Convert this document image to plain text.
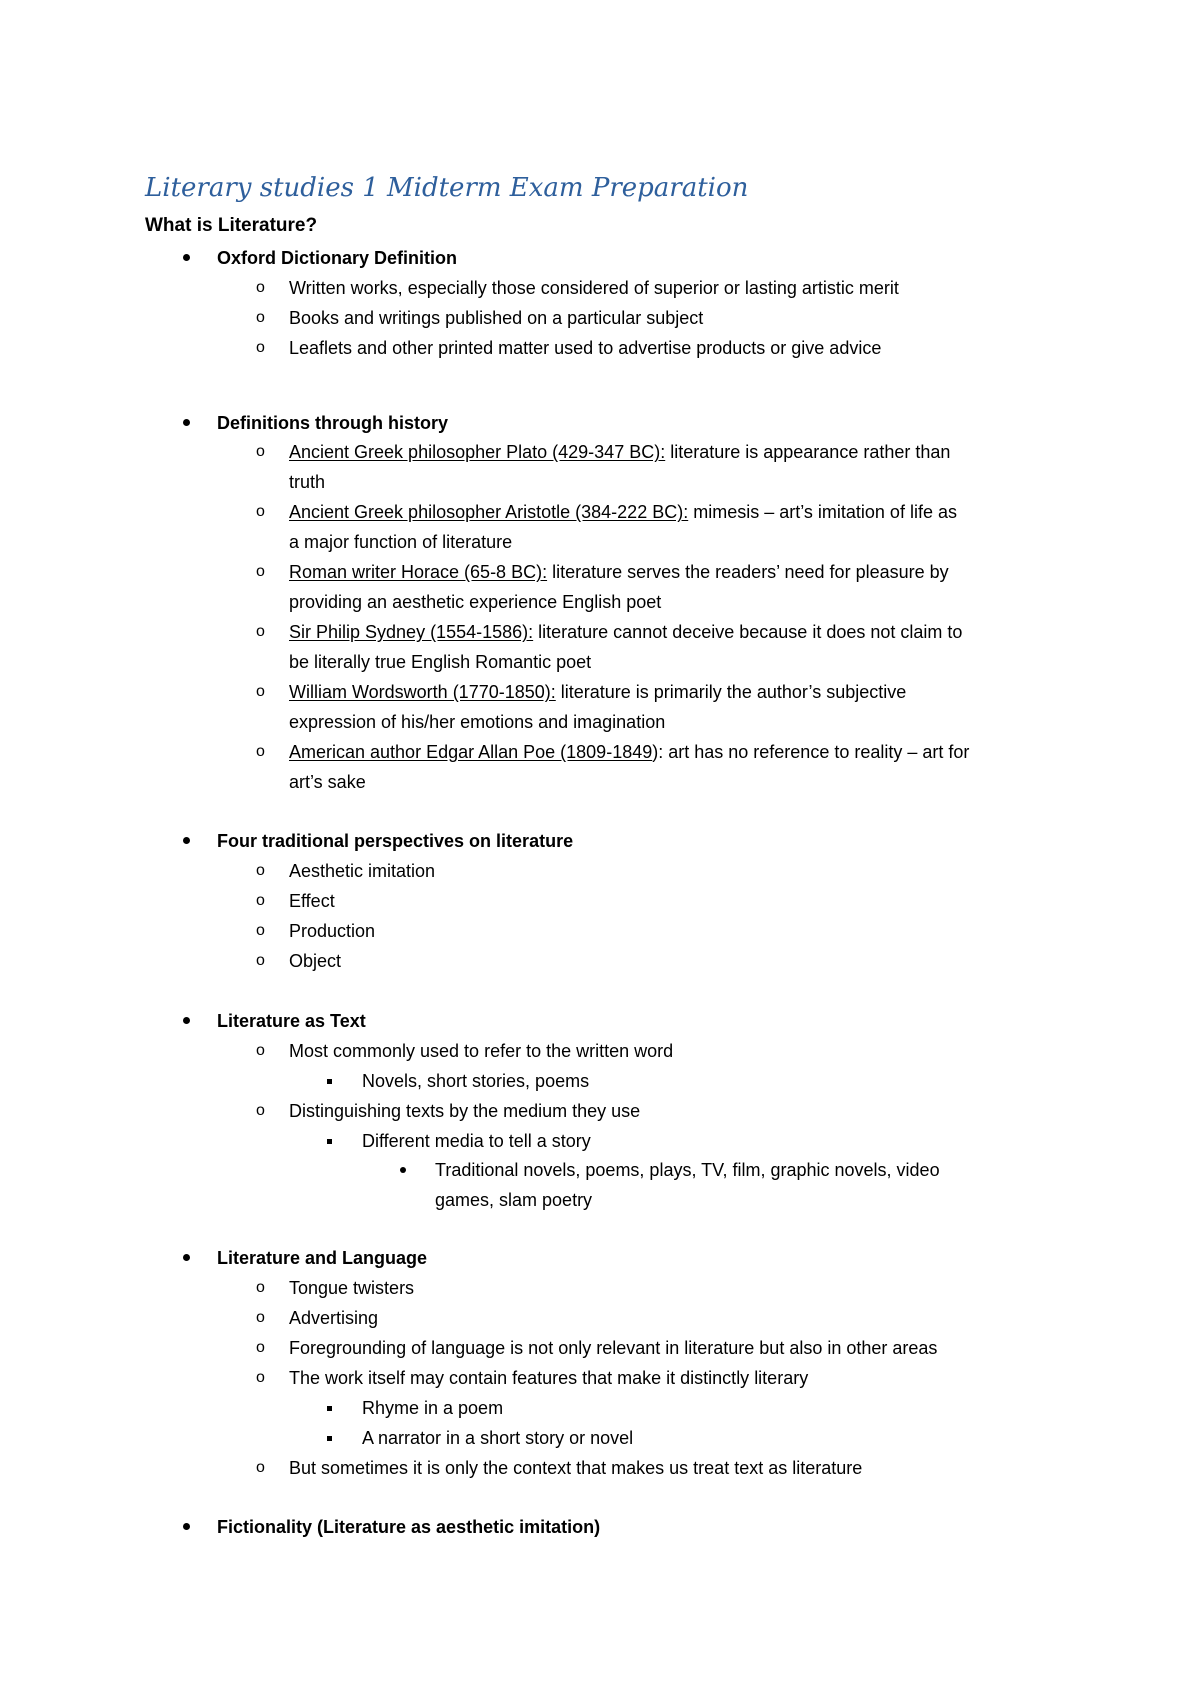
Literary studies 1 Midterm Exam Preparation
What is Literature?
Oxford Dictionary Definition
o Written works, especially those considered of superior or lasting artistic merit
o Books and writings published on a particular subject
o Leaflets and other printed matter used to advertise products or give advice
Definitions through history
o Ancient Greek philosopher Plato (429-347 BC): literature is appearance rather than
truth
o Ancient Greek philosopher Aristotle (384-222 BC): mimesis – art’s imitation of life as
a major function of literature
o Roman writer Horace (65-8 BC): literature serves the readers’ need for pleasure by
providing an aesthetic experience English poet
o Sir Philip Sydney (1554-1586): literature cannot deceive because it does not claim to
be literally true English Romantic poet
o William Wordsworth (1770-1850): literature is primarily the author’s subjective
expression of his/her emotions and imagination
o American author Edgar Allan Poe (1809-1849): art has no reference to reality – art for
art’s sake
Four traditional perspectives on literature
o Aesthetic imitation
o Effect
o Production
o Object
Literature as Text
o Most commonly used to refer to the written word
Novels, short stories, poems
o Distinguishing texts by the medium they use
Different media to tell a story
Traditional novels, poems, plays, TV, film, graphic novels, video
games, slam poetry
Literature and Language
o Tongue twisters
o Advertising
o Foregrounding of language is not only relevant in literature but also in other areas
o The work itself may contain features that make it distinctly literary
Rhyme in a poem
A narrator in a short story or novel
o But sometimes it is only the context that makes us treat text as literature
Fictionality (Literature as aesthetic imitation)
